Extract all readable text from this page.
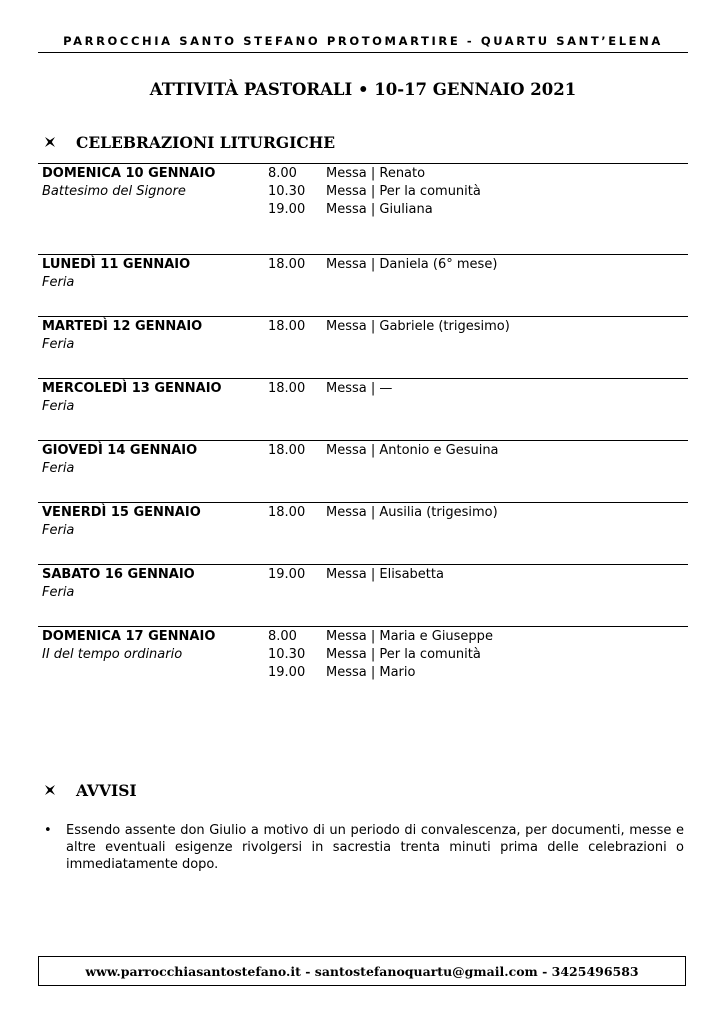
PARROCCHIA SANTO STEFANO PROTOMARTIRE - QUARTU SANT’ELENA
ATTIVITÀ PASTORALI • 10-17 GENNAIO 2021
CELEBRAZIONI LITURGICHE
DOMENICA 10 GENNAIO
Battesimo del Signore
8.00	Messa | Renato
10.30	Messa | Per la comunità
19.00	Messa | Giuliana
LUNEDÌ 11 GENNAIO
Feria
18.00	Messa | Daniela (6° mese)
MARTEDÌ 12 GENNAIO
Feria
18.00	Messa | Gabriele (trigesimo)
MERCOLEDÌ 13 GENNAIO
Feria
18.00	Messa | —
GIOVEDÌ 14 GENNAIO
Feria
18.00	Messa | Antonio e Gesuina
VENERDÌ 15 GENNAIO
Feria
18.00	Messa | Ausilia (trigesimo)
SABATO 16 GENNAIO
Feria
19.00	Messa | Elisabetta
DOMENICA 17 GENNAIO
II del tempo ordinario
8.00	Messa | Maria e Giuseppe
10.30	Messa | Per la comunità
19.00	Messa | Mario
AVVISI
• Essendo assente don Giulio a motivo di un periodo di convalescenza, per documenti, messe e altre eventuali esigenze rivolgersi in sacrestia trenta minuti prima delle celebrazioni o immediatamente dopo.
www.parrocchiasantostefano.it - santostefanoquartu@gmail.com - 3425496583
